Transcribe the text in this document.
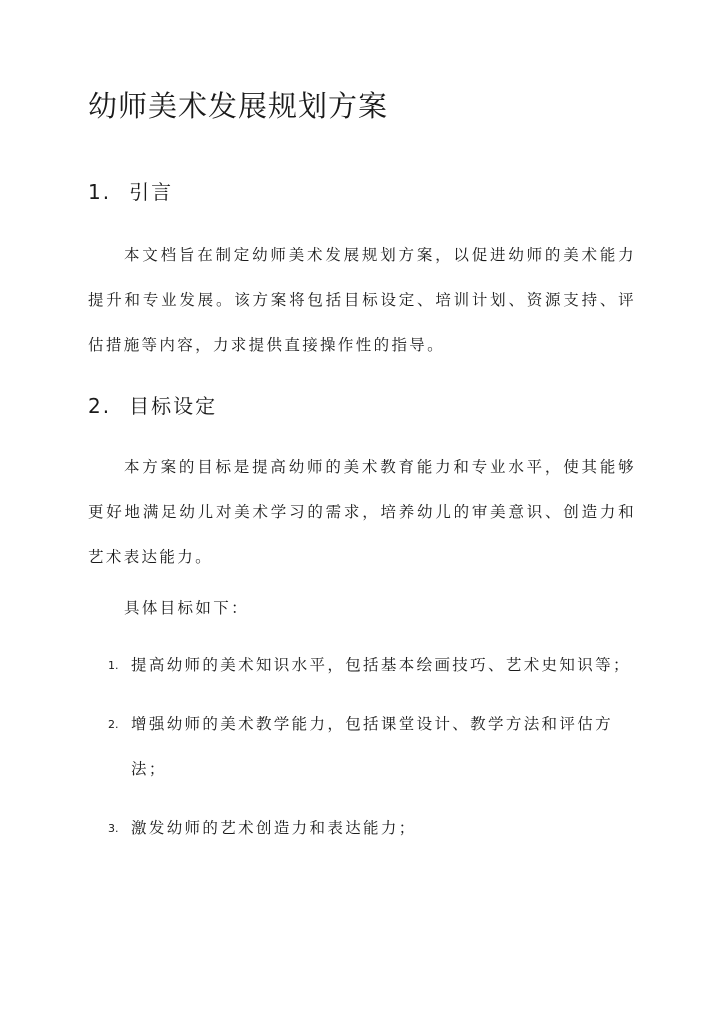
幼师美术发展规划方案
1. 引言

本文档旨在制定幼师美术发展规划方案，以促进幼师的美术能力提升和专业发展。该方案将包括目标设定、培训计划、资源支持、评估措施等内容，力求提供直接操作性的指导。

2. 目标设定

本方案的目标是提高幼师的美术教育能力和专业水平，使其能够更好地满足幼儿对美术学习的需求，培养幼儿的审美意识、创造力和艺术表达能力。

具体目标如下：
1. 提高幼师的美术知识水平，包括基本绘画技巧、艺术史知识等；
2. 增强幼师的美术教学能力，包括课堂设计、教学方法和评估方法；
3. 激发幼师的艺术创造力和表达能力；
